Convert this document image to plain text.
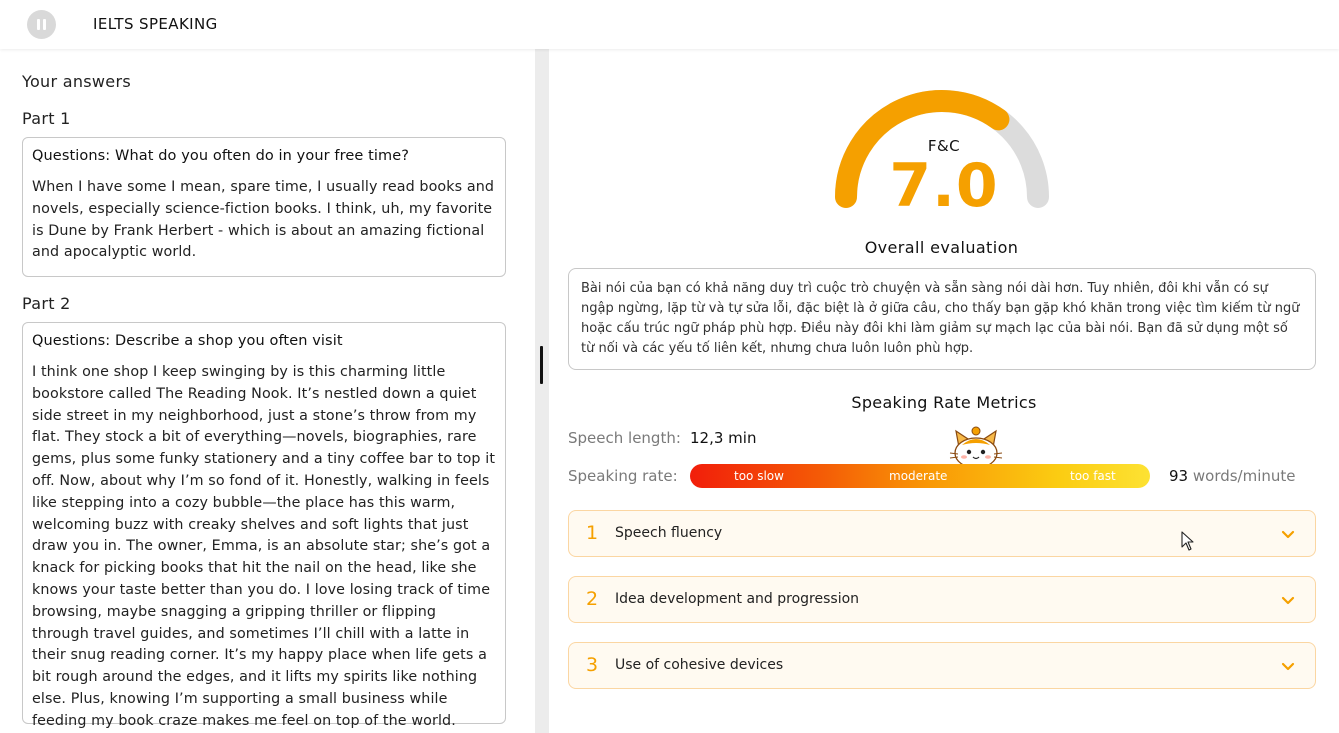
IELTS SPEAKING
Your answers
Part 1
Questions: What do you often do in your free time?
When I have some I mean, spare time, I usually read books and novels, especially science-fiction books. I think, uh, my favorite is Dune by Frank Herbert - which is about an amazing fictional and apocalyptic world.
Part 2
Questions: Describe a shop you often visit
I think one shop I keep swinging by is this charming little bookstore called The Reading Nook. It’s nestled down a quiet side street in my neighborhood, just a stone’s throw from my flat. They stock a bit of everything—novels, biographies, rare gems, plus some funky stationery and a tiny coffee bar to top it off. Now, about why I’m so fond of it. Honestly, walking in feels like stepping into a cozy bubble—the place has this warm, welcoming buzz with creaky shelves and soft lights that just draw you in. The owner, Emma, is an absolute star; she’s got a knack for picking books that hit the nail on the head, like she knows your taste better than you do. I love losing track of time browsing, maybe snagging a gripping thriller or flipping through travel guides, and sometimes I’ll chill with a latte in their snug reading corner. It’s my happy place when life gets a bit rough around the edges, and it lifts my spirits like nothing else. Plus, knowing I’m supporting a small business while feeding my book craze makes me feel on top of the world.
F&C
7.0
Overall evaluation
Bài nói của bạn có khả năng duy trì cuộc trò chuyện và sẵn sàng nói dài hơn. Tuy nhiên, đôi khi vẫn có sự ngập ngừng, lặp từ và tự sửa lỗi, đặc biệt là ở giữa câu, cho thấy bạn gặp khó khăn trong việc tìm kiếm từ ngữ hoặc cấu trúc ngữ pháp phù hợp. Điều này đôi khi làm giảm sự mạch lạc của bài nói. Bạn đã sử dụng một số từ nối và các yếu tố liên kết, nhưng chưa luôn luôn phù hợp.
Speaking Rate Metrics
Speech length: 12,3 min
Speaking rate:	too slow	moderate	too fast	93 words/minute
1 Speech fluency
2 Idea development and progression
3 Use of cohesive devices
